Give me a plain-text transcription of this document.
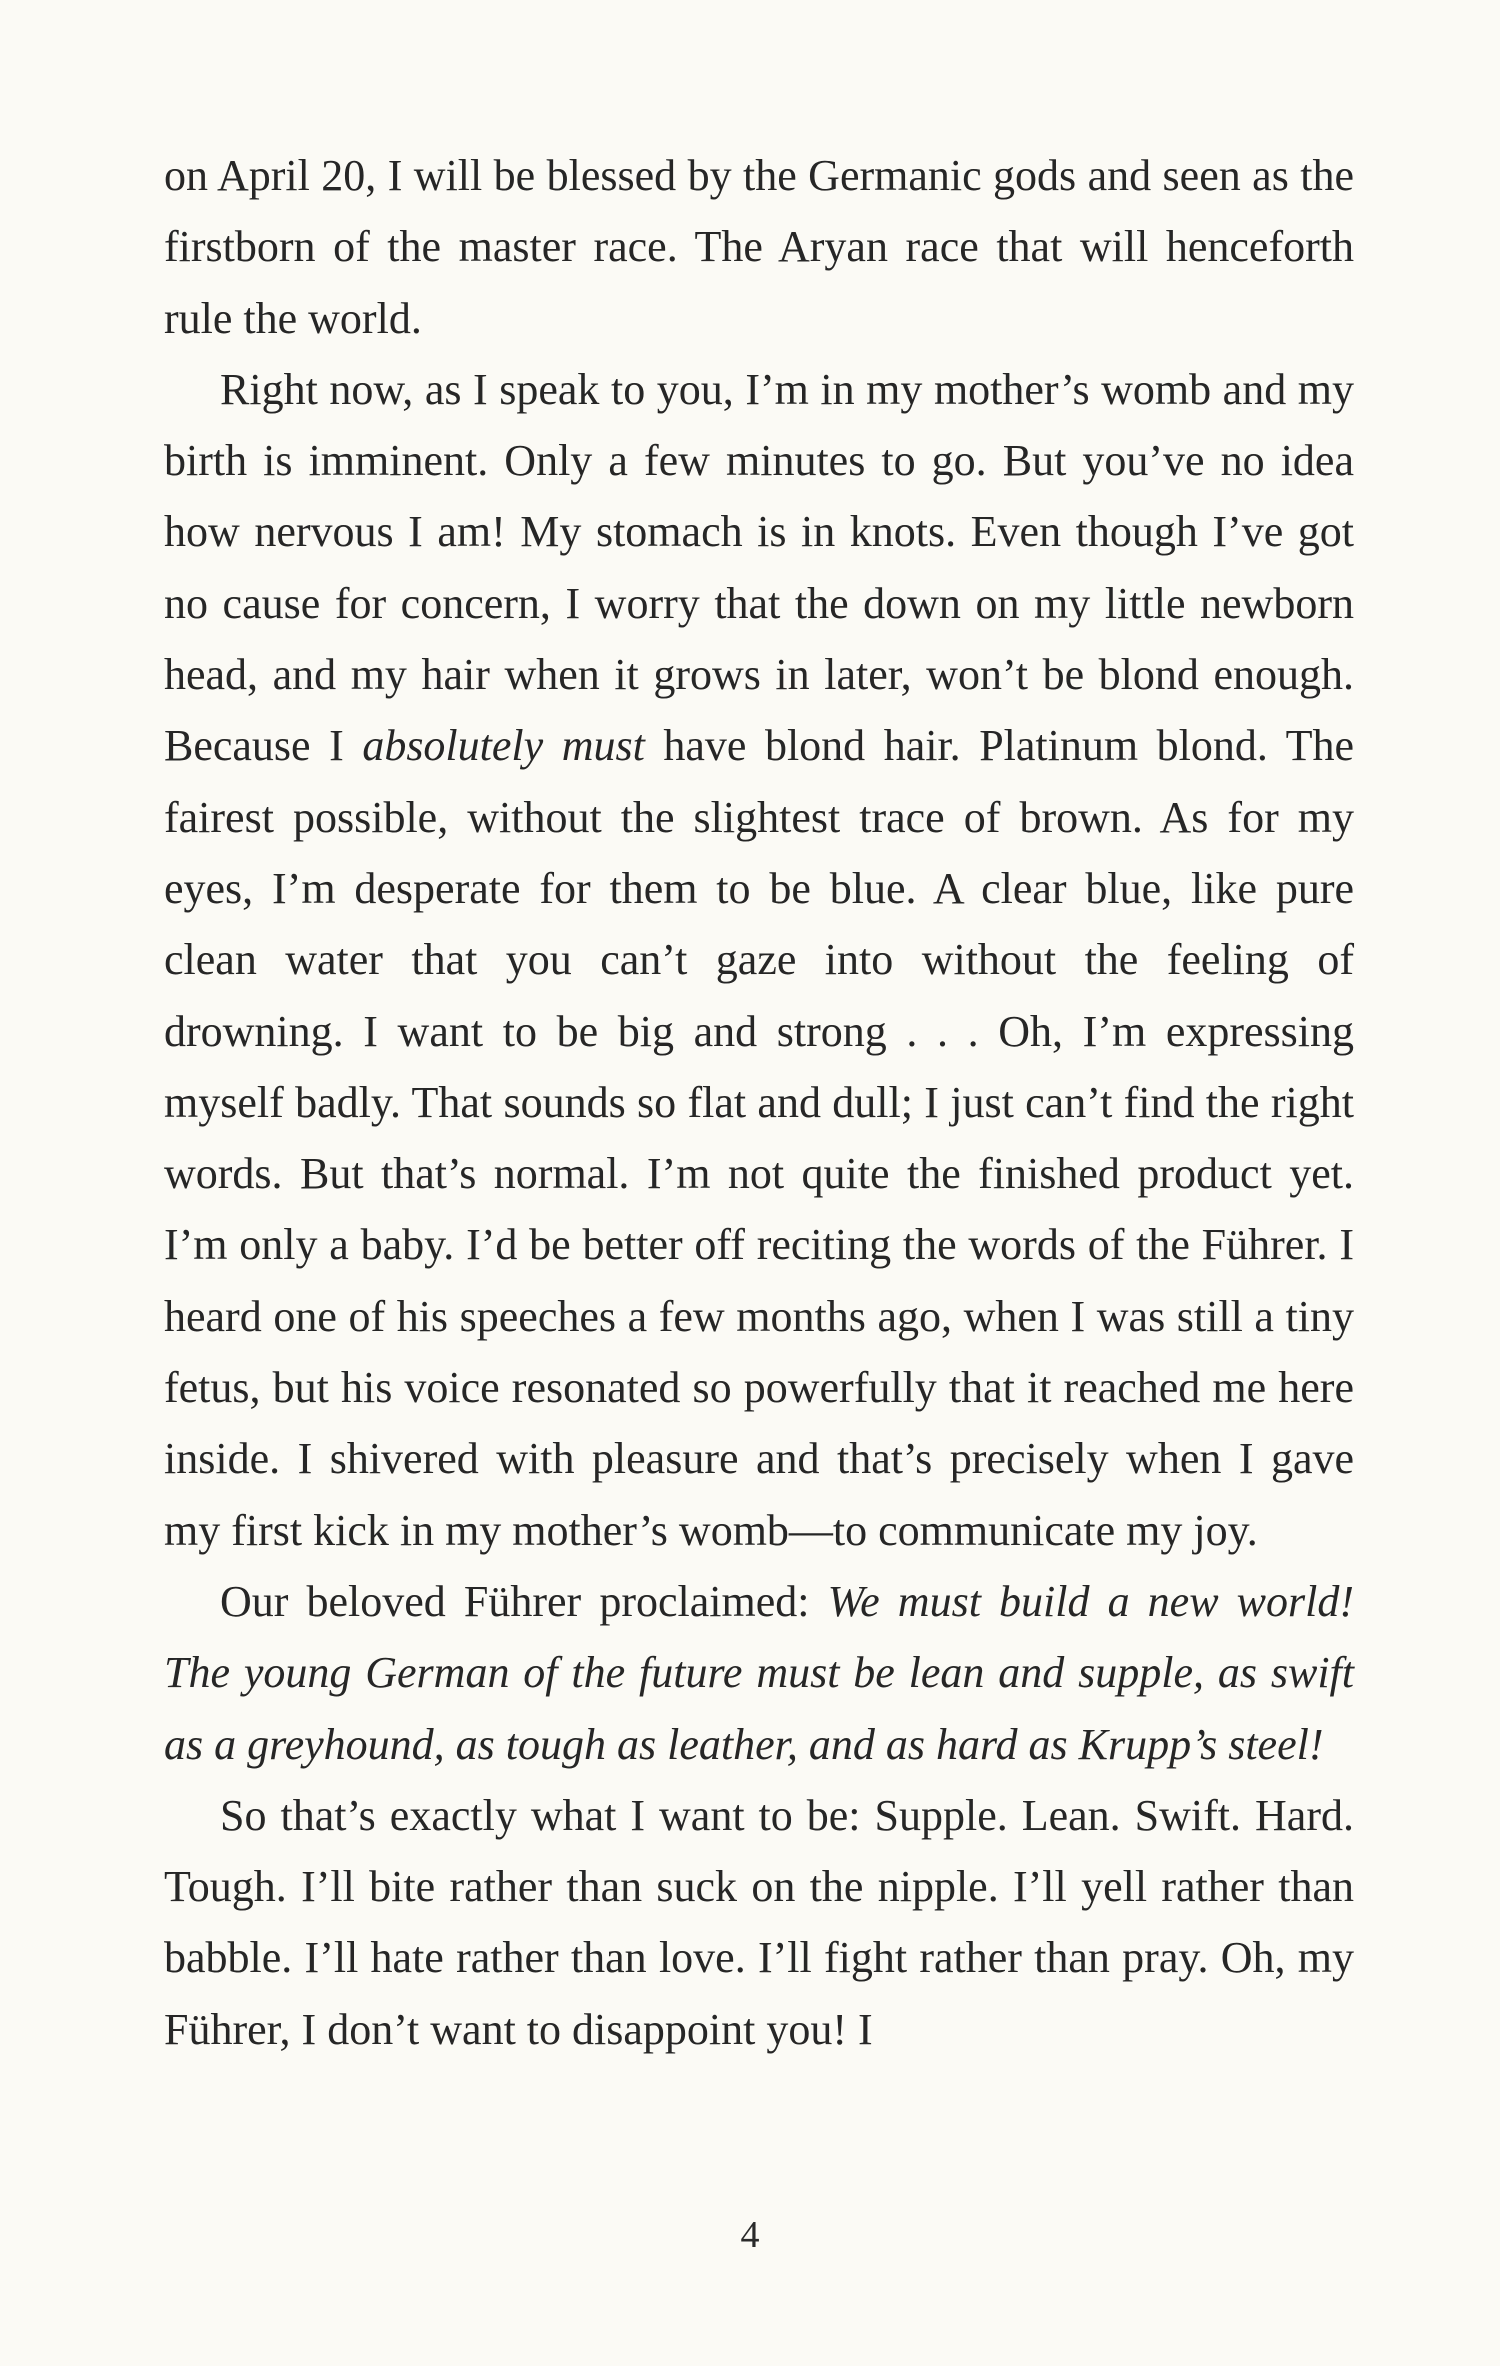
on April 20, I will be blessed by the Germanic gods and seen as the firstborn of the master race. The Aryan race that will henceforth rule the world.

Right now, as I speak to you, I’m in my mother’s womb and my birth is imminent. Only a few minutes to go. But you’ve no idea how nervous I am! My stomach is in knots. Even though I’ve got no cause for concern, I worry that the down on my little newborn head, and my hair when it grows in later, won’t be blond enough. Because I absolutely must have blond hair. Platinum blond. The fairest possible, without the slightest trace of brown. As for my eyes, I’m desperate for them to be blue. A clear blue, like pure clean water that you can’t gaze into without the feeling of drowning. I want to be big and strong . . . Oh, I’m expressing myself badly. That sounds so flat and dull; I just can’t find the right words. But that’s normal. I’m not quite the finished product yet. I’m only a baby. I’d be better off reciting the words of the Führer. I heard one of his speeches a few months ago, when I was still a tiny fetus, but his voice resonated so powerfully that it reached me here inside. I shivered with pleasure and that’s precisely when I gave my first kick in my mother’s womb—to communicate my joy.

Our beloved Führer proclaimed: We must build a new world! The young German of the future must be lean and supple, as swift as a greyhound, as tough as leather, and as hard as Krupp’s steel!

So that’s exactly what I want to be: Supple. Lean. Swift. Hard. Tough. I’ll bite rather than suck on the nipple. I’ll yell rather than babble. I’ll hate rather than love. I’ll fight rather than pray. Oh, my Führer, I don’t want to disappoint you! I

4
